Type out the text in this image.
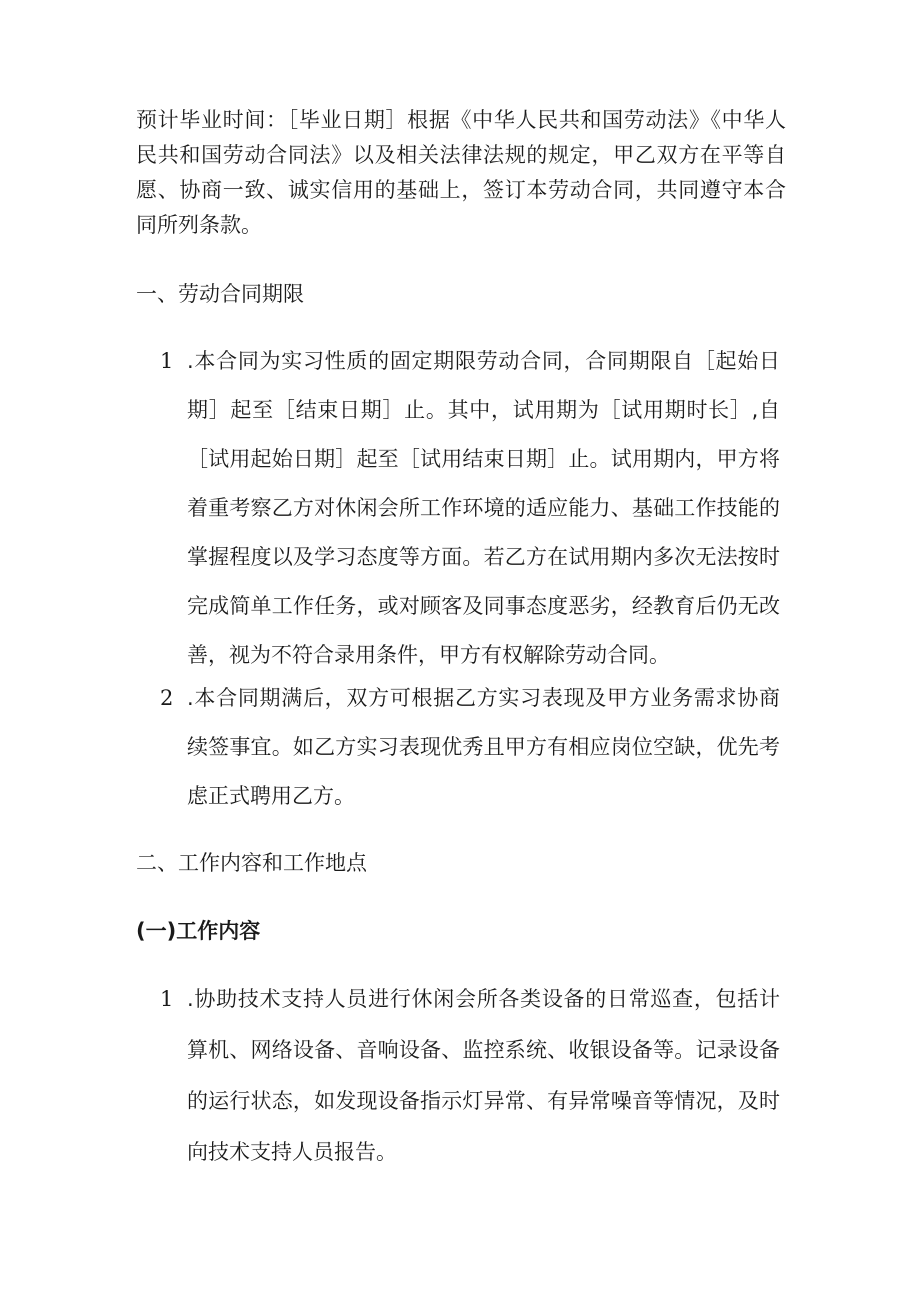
预计毕业时间：［毕业日期］根据《中华人民共和国劳动法》《中华人民共和国劳动合同法》以及相关法律法规的规定，甲乙双方在平等自愿、协商一致、诚实信用的基础上，签订本劳动合同，共同遵守本合同所列条款。

一、劳动合同期限

1 .本合同为实习性质的固定期限劳动合同，合同期限自［起始日期］起至［结束日期］止。其中，试用期为［试用期时长］,自［试用起始日期］起至［试用结束日期］止。试用期内，甲方将着重考察乙方对休闲会所工作环境的适应能力、基础工作技能的掌握程度以及学习态度等方面。若乙方在试用期内多次无法按时完成简单工作任务，或对顾客及同事态度恶劣，经教育后仍无改善，视为不符合录用条件，甲方有权解除劳动合同。

2 .本合同期满后，双方可根据乙方实习表现及甲方业务需求协商续签事宜。如乙方实习表现优秀且甲方有相应岗位空缺，优先考虑正式聘用乙方。

二、工作内容和工作地点

(一)工作内容

1 .协助技术支持人员进行休闲会所各类设备的日常巡查，包括计算机、网络设备、音响设备、监控系统、收银设备等。记录设备的运行状态，如发现设备指示灯异常、有异常噪音等情况，及时向技术支持人员报告。
